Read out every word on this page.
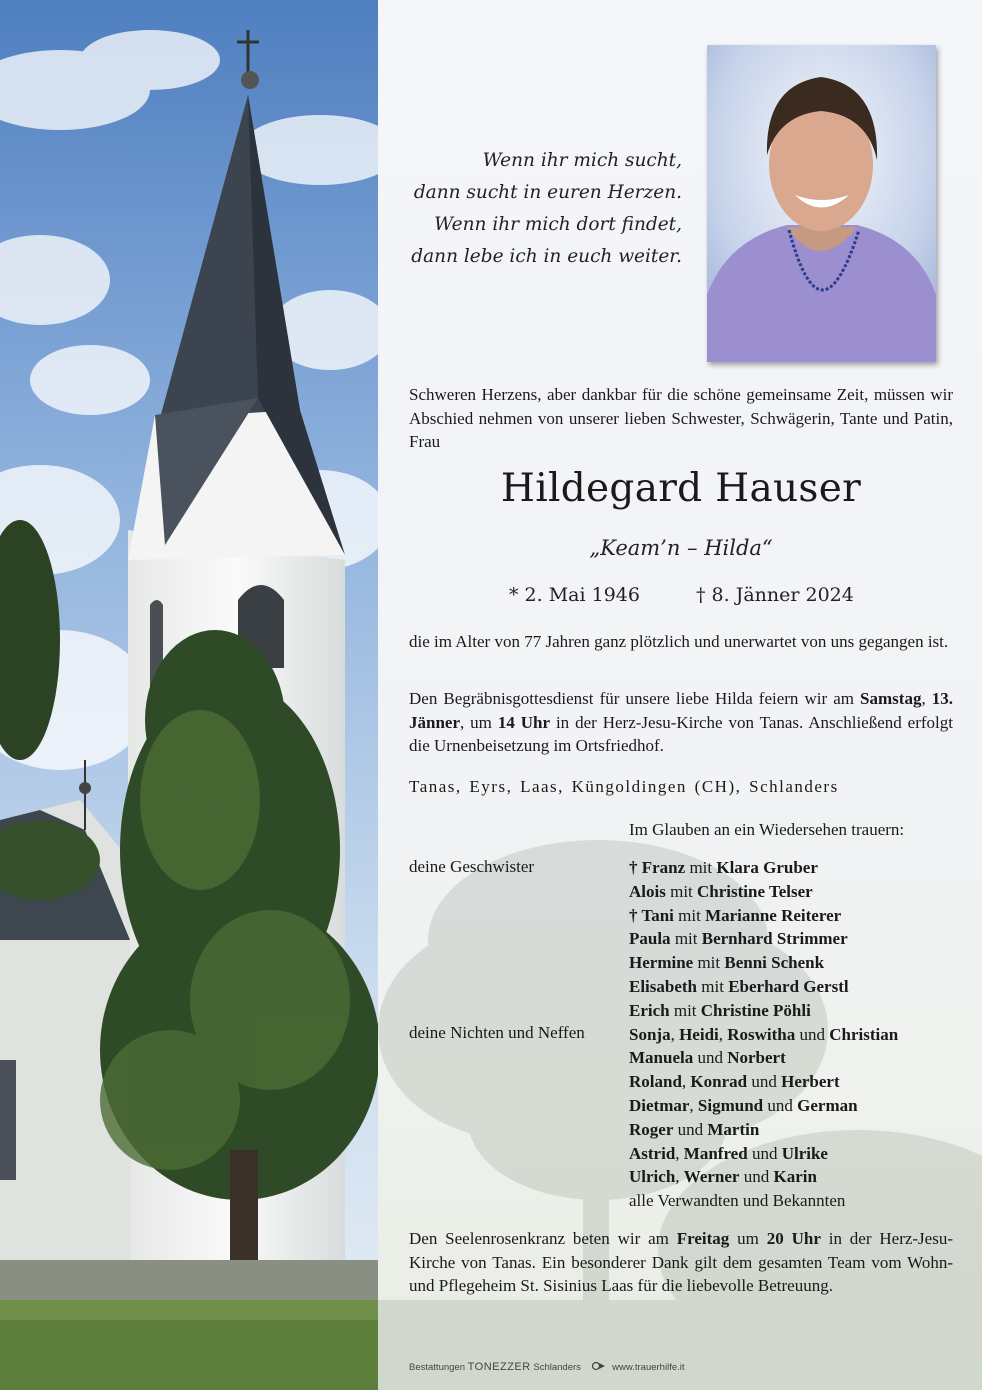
Wenn ihr mich sucht,
dann sucht in euren Herzen.
Wenn ihr mich dort findet,
dann lebe ich in euch weiter.
Schweren Herzens, aber dankbar für die schöne gemeinsame Zeit, müssen wir Abschied nehmen von unserer lieben Schwester, Schwägerin, Tante und Patin, Frau
Hildegard Hauser
„Keam’n – Hilda“
* 2. Mai 1946	† 8. Jänner 2024
die im Alter von 77 Jahren ganz plötzlich und unerwartet von uns gegangen ist.
Den Begräbnisgottesdienst für unsere liebe Hilda feiern wir am Samstag, 13. Jänner, um 14 Uhr in der Herz-Jesu-Kirche von Tanas. Anschließend erfolgt die Urnenbeisetzung im Ortsfriedhof.
Tanas, Eyrs, Laas, Küngoldingen (CH), Schlanders
Im Glauben an ein Wiedersehen trauern:
deine Geschwister
deine Nichten und Neffen
† Franz mit Klara Gruber
Alois mit Christine Telser
† Tani mit Marianne Reiterer
Paula mit Bernhard Strimmer
Hermine mit Benni Schenk
Elisabeth mit Eberhard Gerstl
Erich mit Christine Pöhli
Sonja, Heidi, Roswitha und Christian
Manuela und Norbert
Roland, Konrad und Herbert
Dietmar, Sigmund und German
Roger und Martin
Astrid, Manfred und Ulrike
Ulrich, Werner und Karin
alle Verwandten und Bekannten
Den Seelenrosenkranz beten wir am Freitag um 20 Uhr in der Herz-Jesu-Kirche von Tanas. Ein besonderer Dank gilt dem gesamten Team vom Wohn- und Pflegeheim St. Sisinius Laas für die liebevolle Betreuung.
Bestattungen TONEZZER Schlanders	www.trauerhilfe.it
